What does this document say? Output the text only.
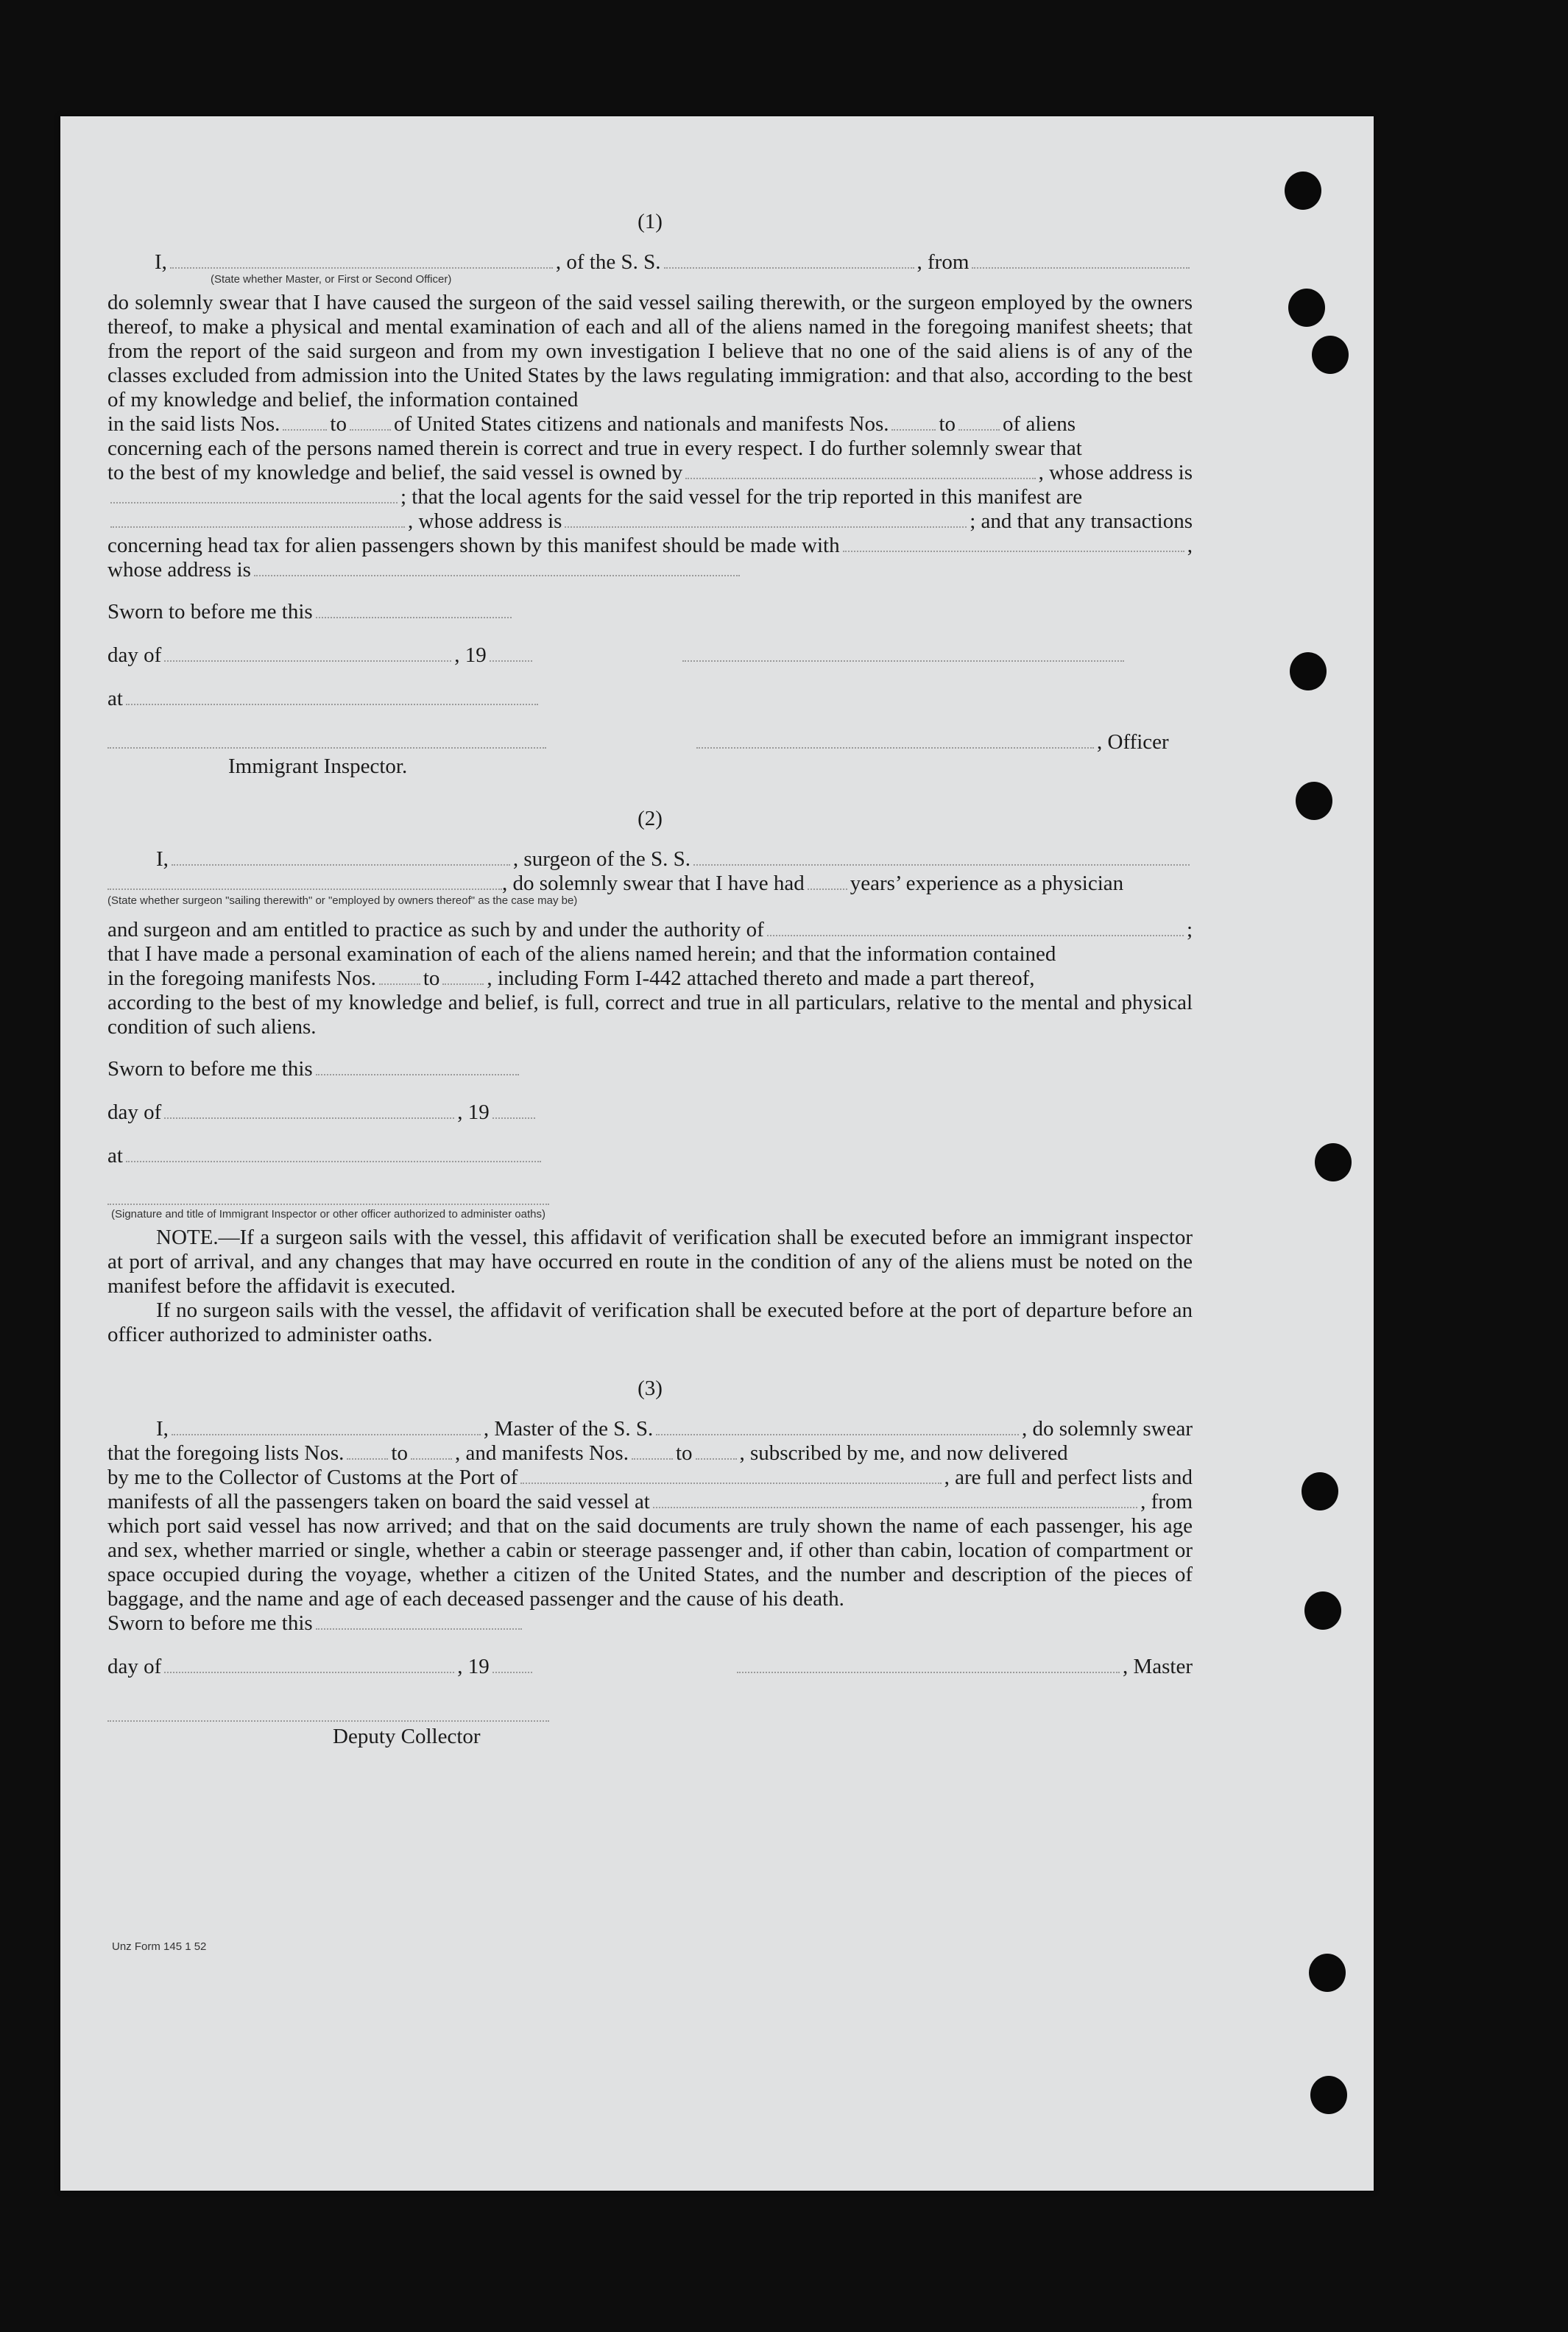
(1)
I,	, of the S. S.	, from
(State whether Master, or First or Second Officer)
do solemnly swear that I have caused the surgeon of the said vessel sailing therewith, or the surgeon employed by the owners thereof, to make a physical and mental examination of each and all of the aliens named in the foregoing manifest sheets; that from the report of the said surgeon and from my own investigation I believe that no one of the said aliens is of any of the classes excluded from admission into the United States by the laws regulating immigration: and that also, according to the best of my knowledge and belief, the information contained
in the said lists Nos. to of United States citizens and nationals and manifests Nos. to of aliens
concerning each of the persons named therein is correct and true in every respect. I do further solemnly swear that
to the best of my knowledge and belief, the said vessel is owned by	, whose address is
; that the local agents for the said vessel for the trip reported in this manifest are
, whose address is	; and that any transactions
concerning head tax for alien passengers shown by this manifest should be made with	,
whose address is
Sworn to before me this
day of	, 19
at
, Officer
Immigrant Inspector.
(2)
I,	, surgeon of the S. S.
, do solemnly swear that I have had years’ experience as a physician
(State whether surgeon "sailing therewith" or "employed by owners thereof" as the case may be)
and surgeon and am entitled to practice as such by and under the authority of	;
that I have made a personal examination of each of the aliens named herein; and that the information contained
in the foregoing manifests Nos. to , including Form I-442 attached thereto and made a part thereof,
according to the best of my knowledge and belief, is full, correct and true in all particulars, relative to the mental and physical condition of such aliens.
Sworn to before me this
day of	, 19
at
(Signature and title of Immigrant Inspector or other officer authorized to administer oaths)
NOTE.—If a surgeon sails with the vessel, this affidavit of verification shall be executed before an immigrant inspector at port of arrival, and any changes that may have occurred en route in the condition of any of the aliens must be noted on the manifest before the affidavit is executed.
If no surgeon sails with the vessel, the affidavit of verification shall be executed before at the port of departure before an officer authorized to administer oaths.
(3)
I,	, Master of the S. S.	, do solemnly swear
that the foregoing lists Nos. to , and manifests Nos. to , subscribed by me, and now delivered
by me to the Collector of Customs at the Port of	, are full and perfect lists and
manifests of all the passengers taken on board the said vessel at	, from
which port said vessel has now arrived; and that on the said documents are truly shown the name of each passenger, his age and sex, whether married or single, whether a cabin or steerage passenger and, if other than cabin, location of compartment or space occupied during the voyage, whether a citizen of the United States, and the number and description of the pieces of baggage, and the name and age of each deceased passenger and the cause of his death.
Sworn to before me this
day of	, 19	, Master
Deputy Collector
Unz Form 145 1 52
